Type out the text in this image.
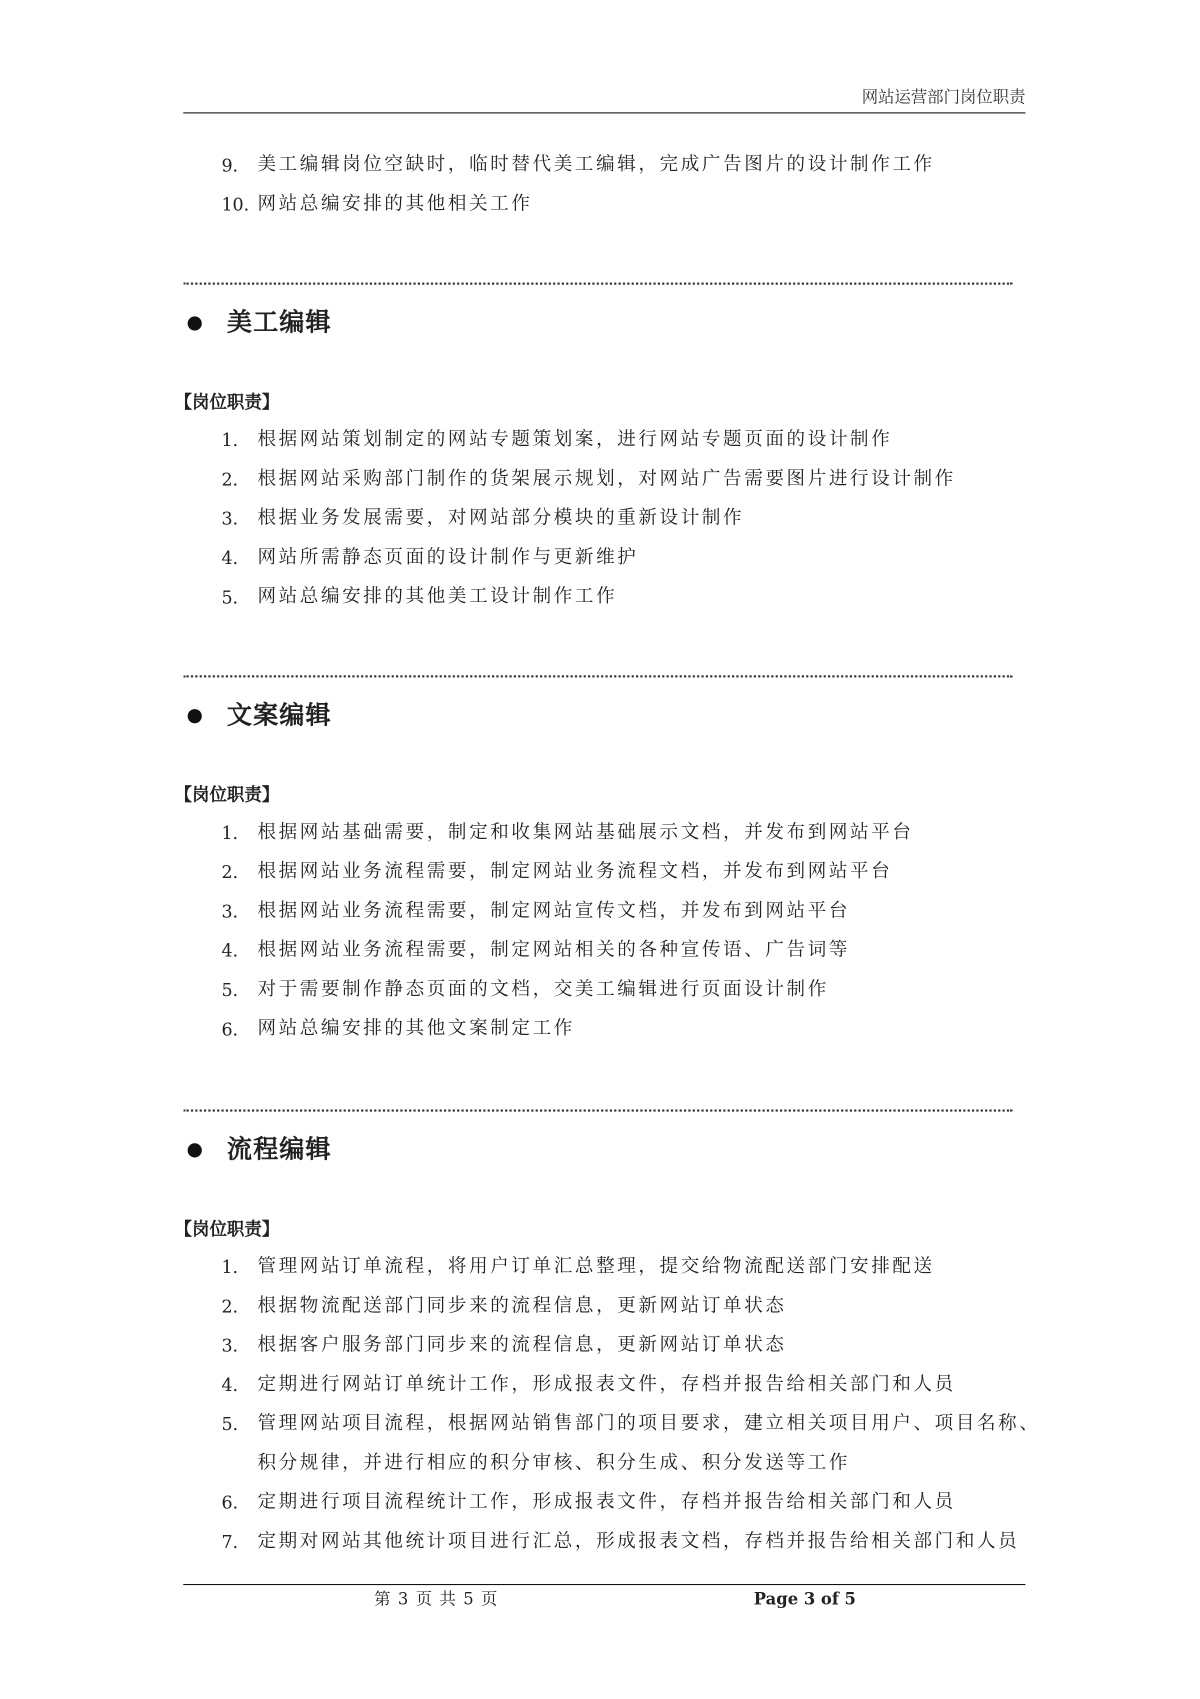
网站运营部门岗位职责
第 3 页 共 5 页	Page 3 of 5
9. 美工编辑岗位空缺时，临时替代美工编辑，完成广告图片的设计制作工作
10. 网站总编安排的其他相关工作
美工编辑
【岗位职责】
1. 根据网站策划制定的网站专题策划案，进行网站专题页面的设计制作
2. 根据网站采购部门制作的货架展示规划，对网站广告需要图片进行设计制作
3. 根据业务发展需要，对网站部分模块的重新设计制作
4. 网站所需静态页面的设计制作与更新维护
5. 网站总编安排的其他美工设计制作工作
文案编辑
【岗位职责】
1. 根据网站基础需要，制定和收集网站基础展示文档，并发布到网站平台
2. 根据网站业务流程需要，制定网站业务流程文档，并发布到网站平台
3. 根据网站业务流程需要，制定网站宣传文档，并发布到网站平台
4. 根据网站业务流程需要，制定网站相关的各种宣传语、广告词等
5. 对于需要制作静态页面的文档，交美工编辑进行页面设计制作
6. 网站总编安排的其他文案制定工作
流程编辑
【岗位职责】
1. 管理网站订单流程，将用户订单汇总整理，提交给物流配送部门安排配送
2. 根据物流配送部门同步来的流程信息，更新网站订单状态
3. 根据客户服务部门同步来的流程信息，更新网站订单状态
4. 定期进行网站订单统计工作，形成报表文件，存档并报告给相关部门和人员
5. 管理网站项目流程，根据网站销售部门的项目要求，建立相关项目用户、项目名称、
积分规律，并进行相应的积分审核、积分生成、积分发送等工作
6. 定期进行项目流程统计工作，形成报表文件，存档并报告给相关部门和人员
7. 定期对网站其他统计项目进行汇总，形成报表文档，存档并报告给相关部门和人员
